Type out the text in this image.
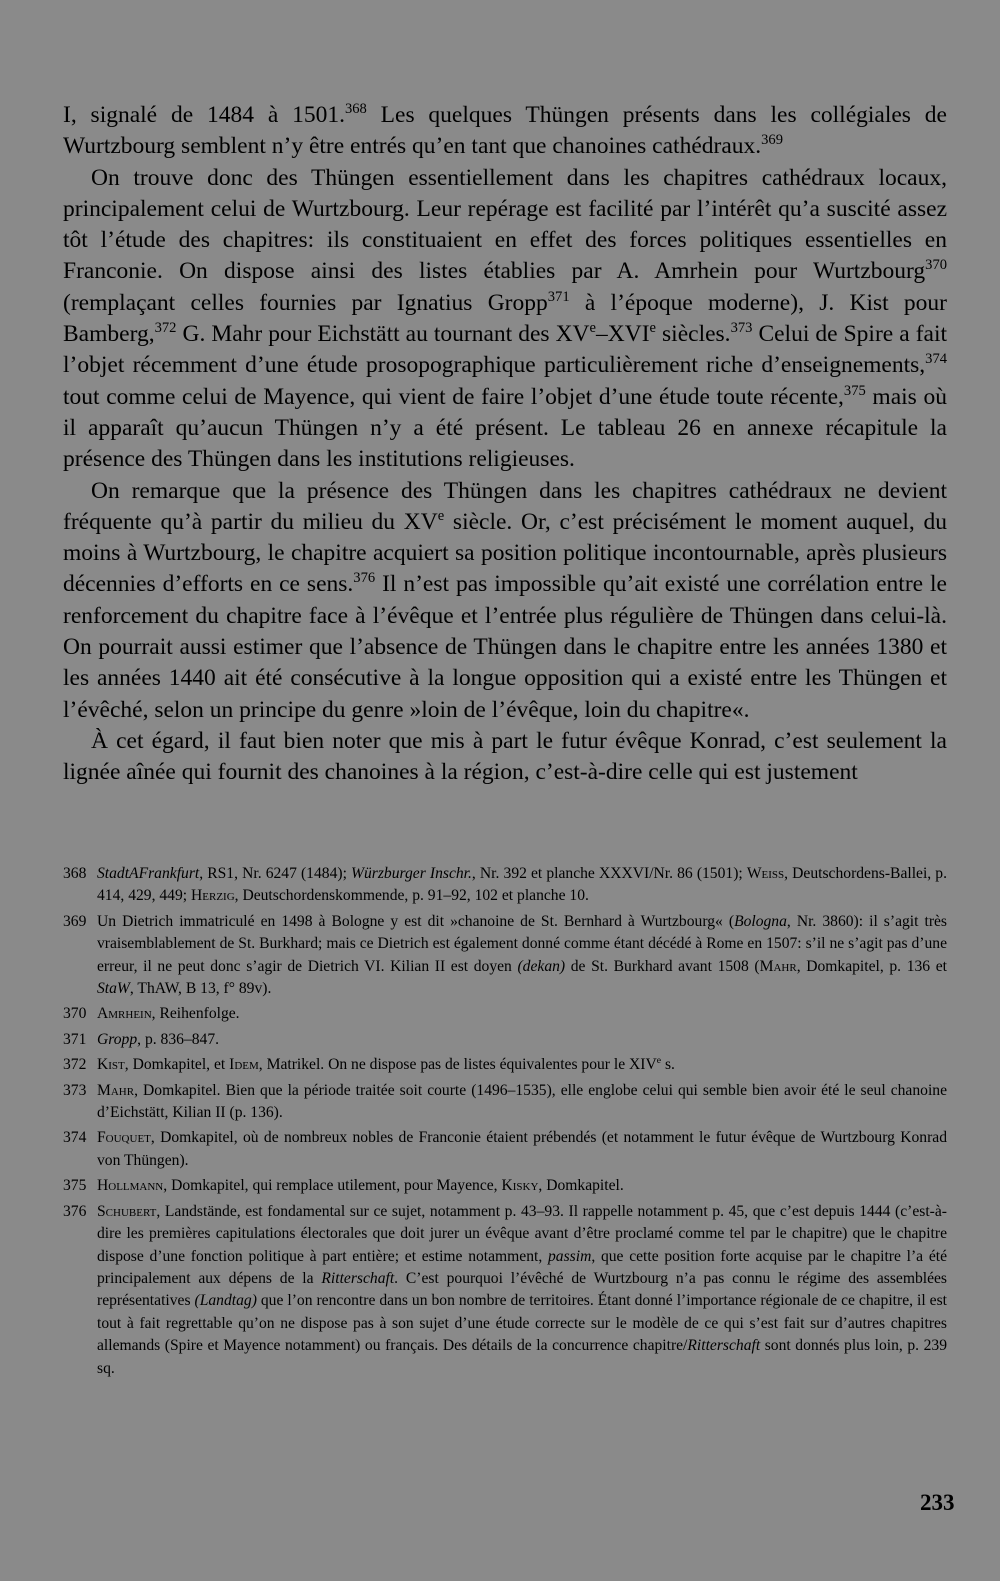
I, signalé de 1484 à 1501.$^{368}$ Les quelques Thüngen présents dans les collégiales de Wurtzbourg semblent n’y être entrés qu’en tant que chanoines cathédraux.$^{369}$

On trouve donc des Thüngen essentiellement dans les chapitres cathédraux locaux, principalement celui de Wurtzbourg. Leur repérage est facilité par l’intérêt qu’a suscité assez tôt l’étude des chapitres: ils constituaient en effet des forces politiques essentielles en Franconie. On dispose ainsi des listes établies par A. Amrhein pour Wurtzbourg$^{370}$ (remplaçant celles fournies par Ignatius Gropp$^{371}$ à l’époque moderne), J. Kist pour Bamberg,$^{372}$ G. Mahr pour Eichstätt au tournant des XVe–XVIe siècles.$^{373}$ Celui de Spire a fait l’objet récemment d’une étude prosopographique particulièrement riche d’enseignements,$^{374}$ tout comme celui de Mayence, qui vient de faire l’objet d’une étude toute récente,$^{375}$ mais où il apparaît qu’aucun Thüngen n’y a été présent. Le tableau 26 en annexe récapitule la présence des Thüngen dans les institutions religieuses.

On remarque que la présence des Thüngen dans les chapitres cathédraux ne devient fréquente qu’à partir du milieu du XVe siècle. Or, c’est précisément le moment auquel, du moins à Wurtzbourg, le chapitre acquiert sa position politique incontournable, après plusieurs décennies d’efforts en ce sens.$^{376}$ Il n’est pas impossible qu’ait existé une corrélation entre le renforcement du chapitre face à l’évêque et l’entrée plus régulière de Thüngen dans celui-là. On pourrait aussi estimer que l’absence de Thüngen dans le chapitre entre les années 1380 et les années 1440 ait été consécutive à la longue opposition qui a existé entre les Thüngen et l’évêché, selon un principe du genre »loin de l’évêque, loin du chapitre«.

À cet égard, il faut bien noter que mis à part le futur évêque Konrad, c’est seulement la lignée aînée qui fournit des chanoines à la région, c’est-à-dire celle qui est justement

368 StadtAFrankfurt, RS1, Nr. 6247 (1484); Würzburger Inschr., Nr. 392 et planche XXXVI/Nr. 86 (1501); Weiss, Deutschordens-Ballei, p. 414, 429, 449; Herzig, Deutschordenskommende, p. 91–92, 102 et planche 10.
369 Un Dietrich immatriculé en 1498 à Bologne y est dit »chanoine de St. Bernhard à Wurtzbourg« (Bologna, Nr. 3860): il s’agit très vraisemblablement de St. Burkhard; mais ce Dietrich est également donné comme étant décédé à Rome en 1507: s’il ne s’agit pas d’une erreur, il ne peut donc s’agir de Dietrich VI. Kilian II est doyen (dekan) de St. Burkhard avant 1508 (Mahr, Domkapitel, p. 136 et StaW, ThAW, B 13, f° 89v).
370 Amrhein, Reihenfolge.
371 Gropp, p. 836–847.
372 Kist, Domkapitel, et Idem, Matrikel. On ne dispose pas de listes équivalentes pour le XIVe s.
373 Mahr, Domkapitel. Bien que la période traitée soit courte (1496–1535), elle englobe celui qui semble bien avoir été le seul chanoine d’Eichstätt, Kilian II (p. 136).
374 Fouquet, Domkapitel, où de nombreux nobles de Franconie étaient prébendés (et notamment le futur évêque de Wurtzbourg Konrad von Thüngen).
375 Hollmann, Domkapitel, qui remplace utilement, pour Mayence, Kisky, Domkapitel.
376 Schubert, Landstände, est fondamental sur ce sujet, notamment p. 43–93. Il rappelle notamment p. 45, que c’est depuis 1444 (c’est-à-dire les premières capitulations électorales que doit jurer un évêque avant d’être proclamé comme tel par le chapitre) que le chapitre dispose d’une fonction politique à part entière; et estime notamment, passim, que cette position forte acquise par le chapitre l’a été principalement aux dépens de la Ritterschaft. C’est pourquoi l’évêché de Wurtzbourg n’a pas connu le régime des assemblées représentatives (Landtag) que l’on rencontre dans un bon nombre de territoires. Étant donné l’importance régionale de ce chapitre, il est tout à fait regrettable qu’on ne dispose pas à son sujet d’une étude correcte sur le modèle de ce qui s’est fait sur d’autres chapitres allemands (Spire et Mayence notamment) ou français. Des détails de la concurrence chapitre/Ritterschaft sont donnés plus loin, p. 239 sq.
233
